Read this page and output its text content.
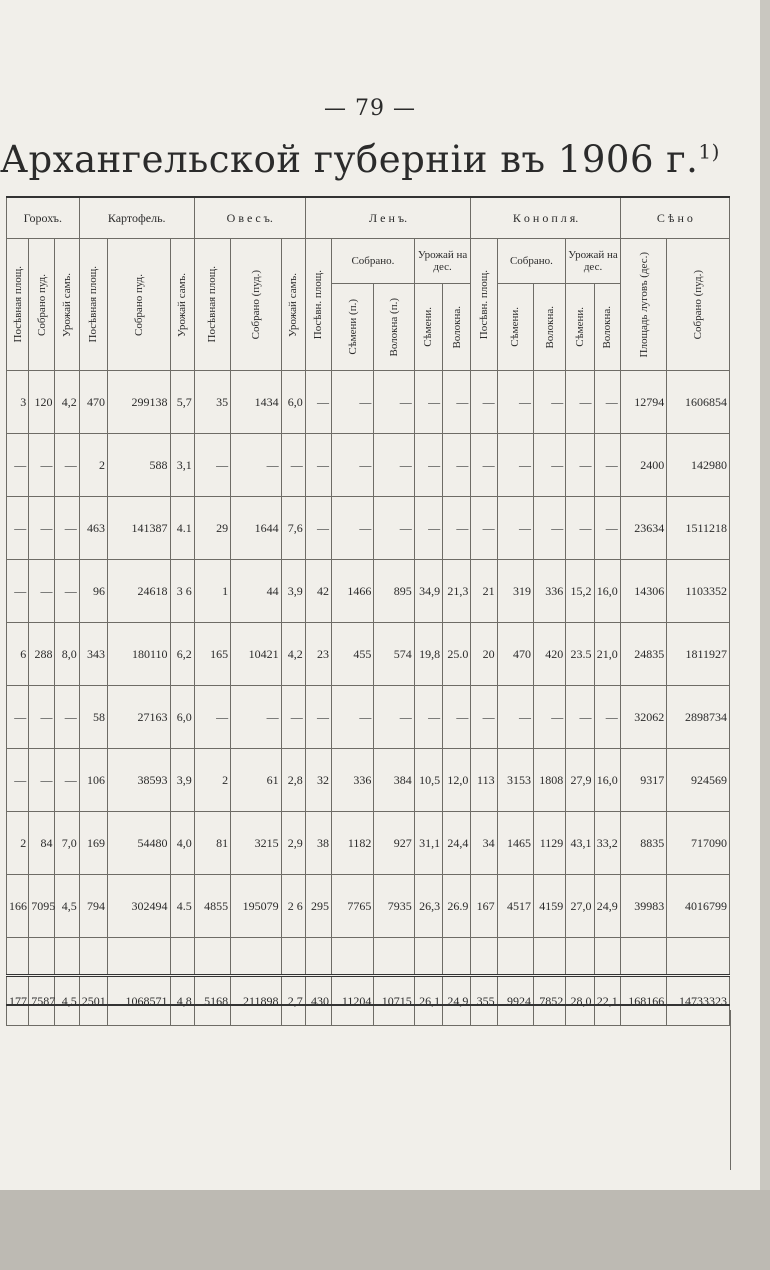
— 79 —
Архангельской губерніи въ 1906 г.$^{1)}$
Горохъ.			Картофель.			О в е с ъ.			Л е н ъ.					К о н о п л я.					С ѣ н о	

Посѣвная площ.	Собрано пуд.	Урожай самъ.	Посѣвная площ.	Собрано пуд.	Урожай самъ.	Посѣвная площ.	Собрано (пуд.)	Урожай самъ.	Посѣвн. площ.	Собрано.		Урожай на дес.		Посѣвн. площ.	Собрано.		Урожай на дес.		Площадь луговъ (дес.)	Собрано (пуд.)

										Сѣмени (п.)	Волокна (п.)	Сѣмени.	Волокна.		Сѣмени.	Волокна.	Сѣмени.	Волокна.		

3	120	4,2	470	299138	5,7	35	1434	6,0	—	—	—	—	—	—	—	—	—	—	12794	1606854
—	—	—	2	588	3,1	—	—	—	—	—	—	—	—	—	—	—	—	—	2400	142980
—	—	—	463	141387	4.1	29	1644	7,6	—	—	—	—	—	—	—	—	—	—	23634	1511218
—	—	—	96	24618	3 6	1	44	3,9	42	1466	895	34,9	21,3	21	319	336	15,2	16,0	14306	1103352
6	288	8,0	343	180110	6,2	165	10421	4,2	23	455	574	19,8	25.0	20	470	420	23.5	21,0	24835	1811927
—	—	—	58	27163	6,0	—	—	—	—	—	—	—	—	—	—	—	—	—	32062	2898734
—	—	—	106	38593	3,9	2	61	2,8	32	336	384	10,5	12,0	113	3153	1808	27,9	16,0	9317	924569
2	84	7,0	169	54480	4,0	81	3215	2,9	38	1182	927	31,1	24,4	34	1465	1129	43,1	33,2	8835	717090
166	7095	4,5	794	302494	4.5	4855	195079	2 6	295	7765	7935	26,3	26.9	167	4517	4159	27,0	24,9	39983	4016799

177	7587	4,5	2501	1068571	4,8	5168	211898	2,7	430	11204	10715	26,1	24,9	355	9924	7852	28,0	22,1	168166	14733323
